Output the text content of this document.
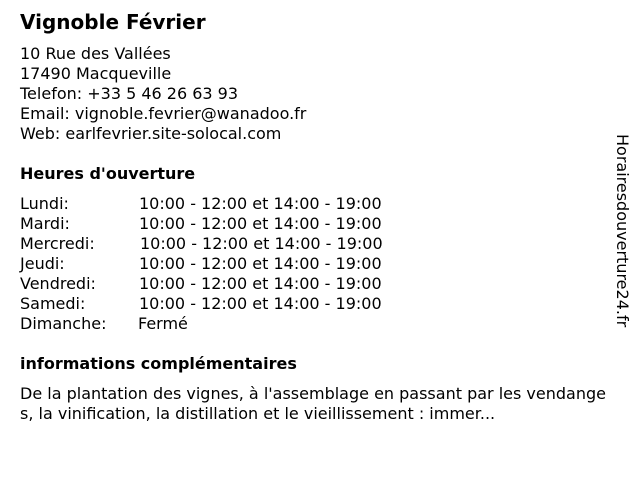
Vignoble Février
10 Rue des Vallées
17490 Macqueville
Telefon: +33 5 46 26 63 93
Email: vignoble.fevrier@wanadoo.fr
Web: earlfevrier.site-solocal.com
Heures d'ouverture
Lundi:	10:00 - 12:00 et 14:00 - 19:00
Mardi:	10:00 - 12:00 et 14:00 - 19:00
Mercredi:	10:00 - 12:00 et 14:00 - 19:00
Jeudi:	10:00 - 12:00 et 14:00 - 19:00
Vendredi:	10:00 - 12:00 et 14:00 - 19:00
Samedi:	10:00 - 12:00 et 14:00 - 19:00
Dimanche: Fermé
informations complémentaires

De la plantation des vignes, à l'assemblage en passant par les vendanges, la vinification, la distillation et le vieillissement : immer...

Horairesdouverture24.fr
